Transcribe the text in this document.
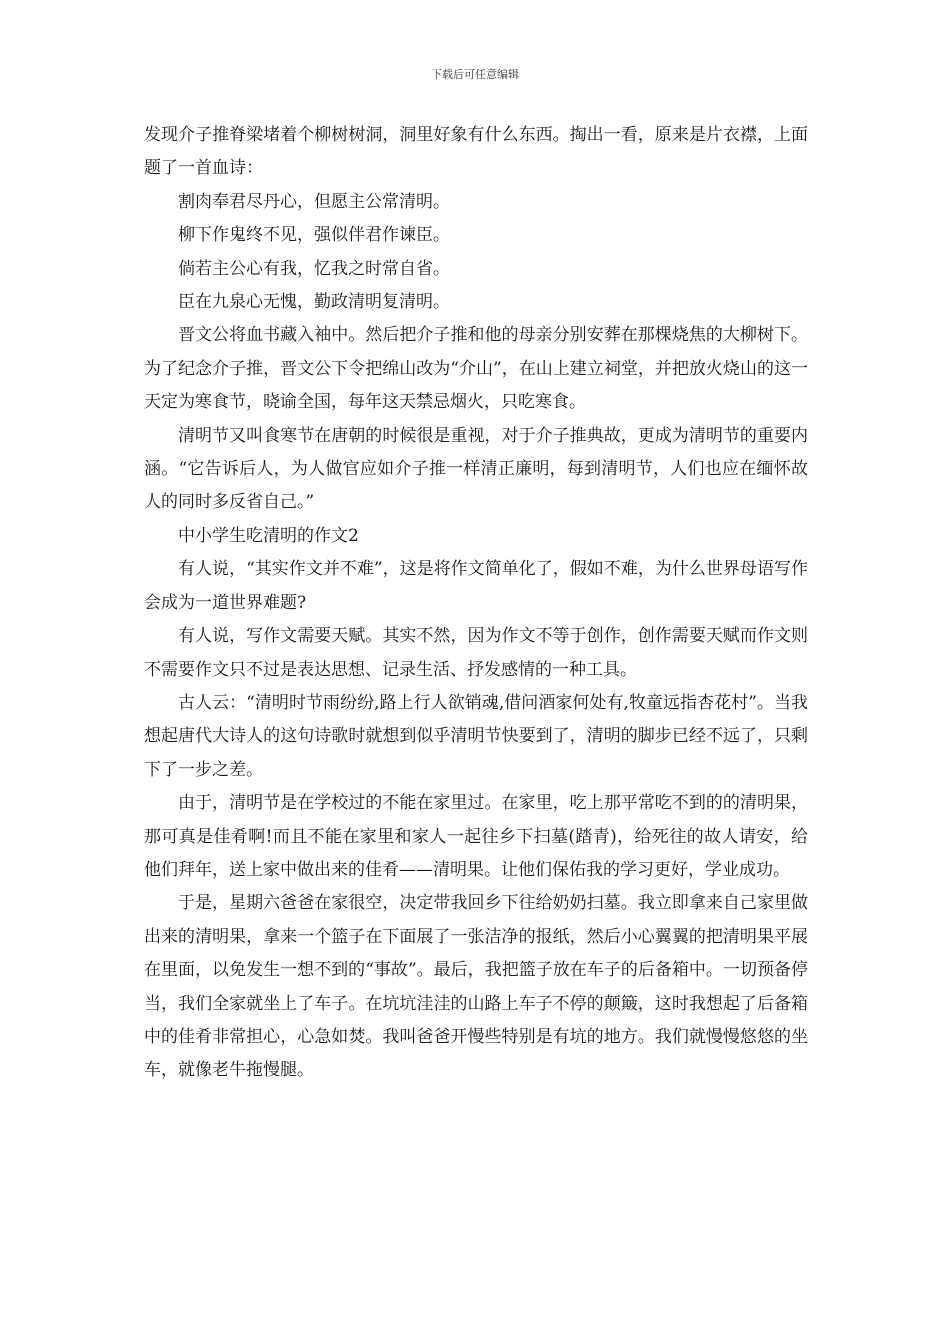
下载后可任意编辑

发现介子推脊梁堵着个柳树树洞，洞里好象有什么东西。掏出一看，原来是片衣襟，上面题了一首血诗：

割肉奉君尽丹心，但愿主公常清明。

柳下作鬼终不见，强似伴君作谏臣。

倘若主公心有我，忆我之时常自省。

臣在九泉心无愧，勤政清明复清明。

晋文公将血书藏入袖中。然后把介子推和他的母亲分别安葬在那棵烧焦的大柳树下。为了纪念介子推，晋文公下令把绵山改为“介山”，在山上建立祠堂，并把放火烧山的这一天定为寒食节，晓谕全国，每年这天禁忌烟火，只吃寒食。

清明节又叫食寒节在唐朝的时候很是重视，对于介子推典故，更成为清明节的重要内涵。“它告诉后人，为人做官应如介子推一样清正廉明，每到清明节，人们也应在缅怀故人的同时多反省自己。”

中小学生吃清明的作文2

有人说，“其实作文并不难”，这是将作文简单化了，假如不难，为什么世界母语写作会成为一道世界难题?

有人说，写作文需要天赋。其实不然，因为作文不等于创作，创作需要天赋而作文则不需要作文只不过是表达思想、记录生活、抒发感情的一种工具。

古人云：“清明时节雨纷纷,路上行人欲销魂,借问酒家何处有,牧童远指杏花村”。当我想起唐代大诗人的这句诗歌时就想到似乎清明节快要到了，清明的脚步已经不远了，只剩下了一步之差。

由于，清明节是在学校过的不能在家里过。在家里，吃上那平常吃不到的的清明果，那可真是佳肴啊!而且不能在家里和家人一起往乡下扫墓(踏青)，给死往的故人请安，给他们拜年，送上家中做出来的佳肴——清明果。让他们保佑我的学习更好，学业成功。

于是，星期六爸爸在家很空，决定带我回乡下往给奶奶扫墓。我立即拿来自己家里做出来的清明果，拿来一个篮子在下面展了一张洁净的报纸，然后小心翼翼的把清明果平展在里面，以免发生一想不到的“事故”。最后，我把篮子放在车子的后备箱中。一切预备停当，我们全家就坐上了车子。在坑坑洼洼的山路上车子不停的颠簸，这时我想起了后备箱中的佳肴非常担心，心急如焚。我叫爸爸开慢些特别是有坑的地方。我们就慢慢悠悠的坐车，就像老牛拖慢腿。
